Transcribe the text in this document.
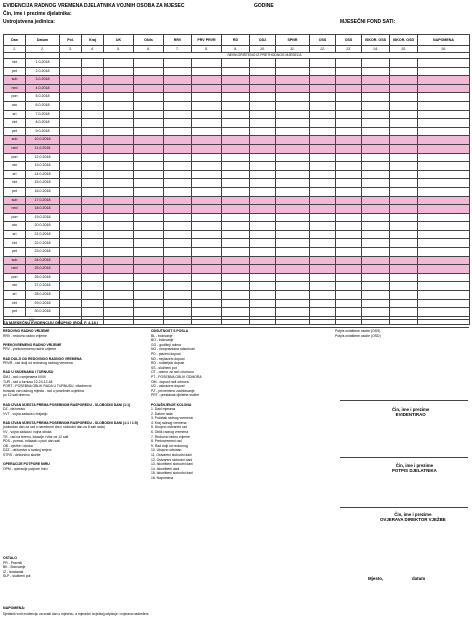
EVIDENCIJA RADNOG VREMENA DJELATNIKA VOJNIH OSOBA ZA MJESEC	GODINE
Čin, ime i prezime djelatnika:
Ustrojstvena jedinica:	MJESEČNI FOND SATI:
Dan	Datum	Pol.	Kraj	UK	Ok/Is	RRV	PRV PRVR	RD	OD2	SPNR	OSS	OSS	ISKOR. OSS	ISKOR. OSD	NAPOMENA
1.	2.	3.	4.	5.	6.	7.	8.	9.	10.	11.	12.	13.	14.	15.	16.
		NEISKORIŠTENO IZ PRETHODNOG MJESECA													
čet	1.0.2018														
pet	2.0.2018														
sub	3.0.2018														
ned	4.0.2018														
pon	5.0.2018														
uto	6.0.2018														
sri	7.0.2018														
čet	8.0.2018														
pet	9.0.2018														
sub	10.0.2018														
ned	11.0.2018														
pon	12.0.2018														
uto	13.0.2018														
sri	14.0.2018														
čet	15.0.2018														
pet	16.0.2018														
sub	17.0.2018														
ned	18.0.2018														
pon	19.0.2018														
uto	20.0.2018														
sri	21.0.2018														
čet	22.0.2018														
pet	23.0.2018														
sub	24.0.2018														
ned	25.0.2018														
pon	26.0.2018														
uto	27.0.2018														
sri	28.0.2018														
čet	29.0.2018														
pet	30.0.2018														
UK															
ZA MJESEČNU EVIDENCIJU GRUPNO (ROL. F. 4-18.)
REDOVNO RADNO VRIJEME
RRV - redovno radno vrijeme

PREKOVREMENO RADNO VRIJEME
PRV - prekovremeno radno vrijeme

RAD DULJI OD REDOVNOG RADNOG VREMENA
PRVR - rad dulji od redovnog radnog vremena

RAD U SMJENAMA I TURNUSU
SMJ - rad u smjenama I/II/III
TUR - rad u turnusu 12-24-12-48
PORT - POSEBNA OBLIK RADA U TURNUSU, višednevni
boravak van radnog mjesta - rad u posebnim uvjetima
po 12 sati dnevno

RAD IZVAN MJESTA PREMA POSEBNOM RASPOREDU - SLOBODNI DANI (1:1)
DZ - dežurstvo
VVT - vojna zadaća u trajanju

RAD IZVAN MJESTA PREMA POSEBNOM RASPOREDU - SLOBODNI DANI (1:1 i 1:5)
(slobodan dan za rad u nerednom dnu i slobodni dan za 8 sati rada)
VV - vojna zadaća i vojna obuka
TR - rad na terenu, lokacije i više od 12 sati
PDS - pomoć, odlazak u puni dan sati
OB - vježbe i obuka
DZZ - dežurstvo u svakoj smjeni
STRS - dežurstvo službe

OPERACIJE POTPORE MIRU
OPM - operacije potpore miru
ODSUTNOST S POSLA
BL - bolovanje
BO - bolovanje
GO - godišnji odmor
NO - neopravdana odsutnost
PD - plaćeni dopust
ND - neplaćeni dopust
RD - roditeljski dopust
SS - službeni put
OT - odmor za rad u turnusu
PT - POSEBNA OBLIK ODMORA
OM - dopust radi odmora
UD - uskraćeni dopust
PZ - privremeno zadržavanje
PRT - prestanak djelatne službe

POJAŠNJENJE KOLONA
1. Dani mjeseca
2. Datum rada
3. Početak radnog vremena
4. Kraj radnog vremena
5. Ukupno ostvareni rad
6. Oblik radnog vremena
7. Redovno radno vrijeme
8. Prekovremeni rad
9. Rad dulji od redovnog
10. Ukupno odsutan
11. Ostvareni slobodni dani
12. Ostvareni slobodni dani
13. Iskorišteni slobodni dani
14. Iskorišteni dani
15. Iskorišteni slobodni dani
16. Napomena
Potpis ovlaštene osobe (OSS)
Potpis ovlaštene osobe (OSD)
Čin, ime i prezime
EVIDENTIRAO
Čin, ime i prezime
POTPIS DJELATNIKA
Čin, ime i prezime
OVJERAVA DIREKTOR VJEŽBE
OSTALO
PR - Praznik
BK - Bolovanje
IZ - izostanak
SLP - službeni put	Mjesto,	datum
NAPOMENA:
Djelatnik vodi evidenciju za svaki dan u mjesecu, a mjesečni izvještaj potpisuje i ovjerava nadređeni.
